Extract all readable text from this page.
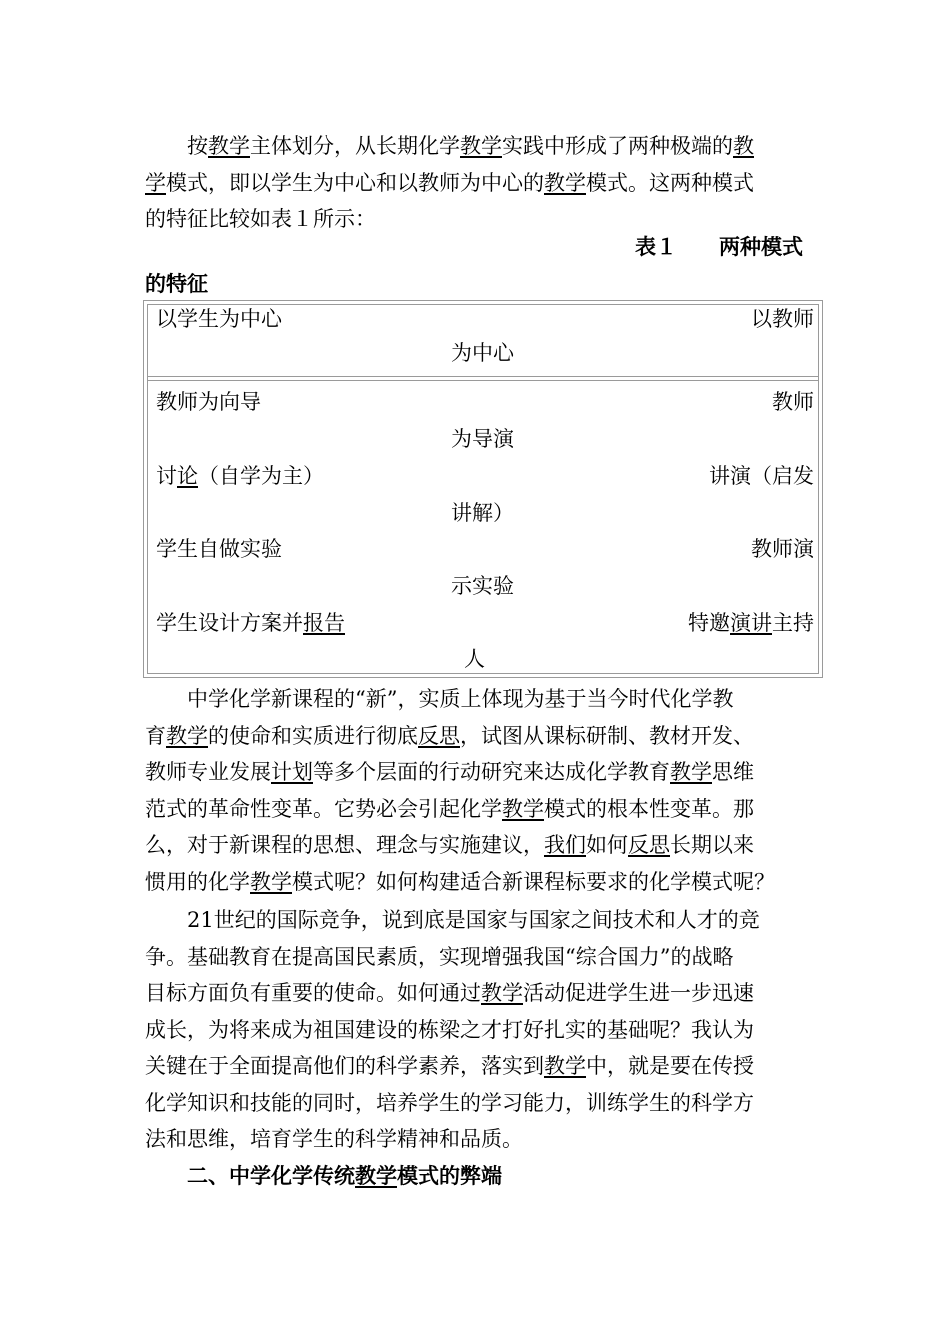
按教学主体划分，从长期化学教学实践中形成了两种极端的教

学模式，即以学生为中心和以教师为中心的教学模式。这两种模式

的特征比较如表１所示：

表１　　两种模式
的特征
以学生为中心	以教师
为中心
教师为向导	教师
为导演
讨论（自学为主）	讲演（启发
讲解）
学生自做实验	教师演
示实验
学生设计方案并报告	特邀演讲主持
人

中学化学新课程的“新”，实质上体现为基于当今时代化学教

育教学的使命和实质进行彻底反思，试图从课标研制、教材开发、

教师专业发展计划等多个层面的行动研究来达成化学教育教学思维

范式的革命性变革。它势必会引起化学教学模式的根本性变革。那

么，对于新课程的思想、理念与实施建议，我们如何反思长期以来

惯用的化学教学模式呢？如何构建适合新课程标要求的化学模式呢？

21世纪的国际竞争，说到底是国家与国家之间技术和人才的竞

争。基础教育在提高国民素质，实现增强我国“综合国力”的战略

目标方面负有重要的使命。如何通过教学活动促进学生进一步迅速

成长，为将来成为祖国建设的栋梁之才打好扎实的基础呢？我认为

关键在于全面提高他们的科学素养，落实到教学中，就是要在传授

化学知识和技能的同时，培养学生的学习能力，训练学生的科学方

法和思维，培育学生的科学精神和品质。

二、中学化学传统教学模式的弊端
